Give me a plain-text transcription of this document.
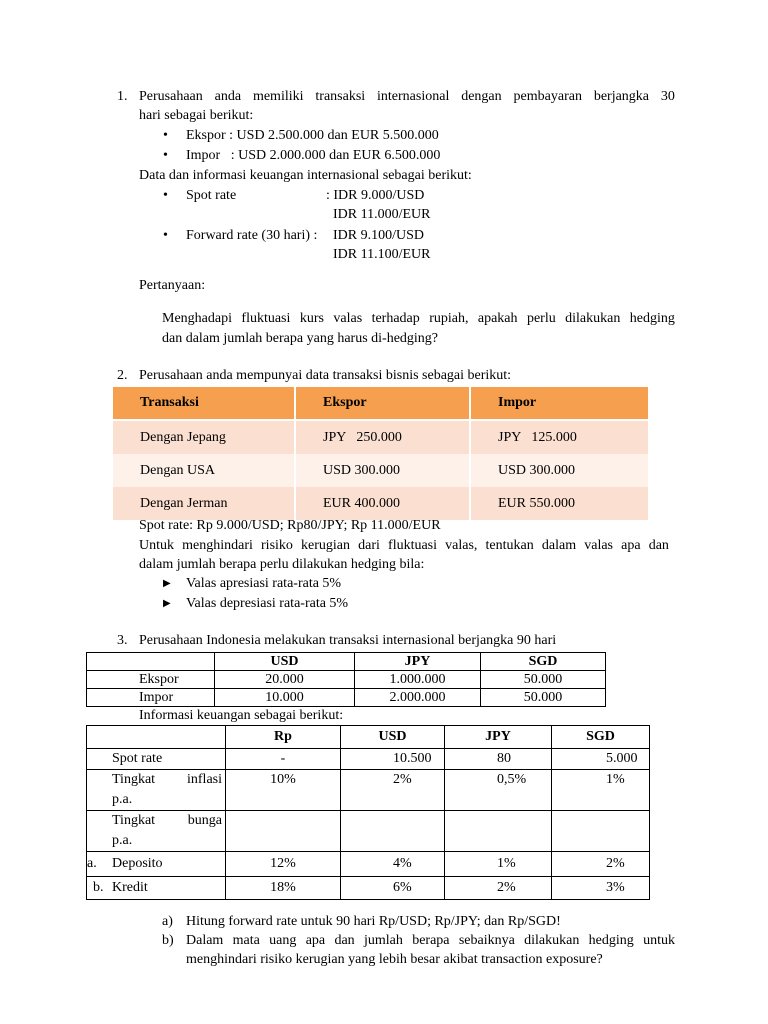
1. Perusahaan anda memiliki transaksi internasional dengan pembayaran berjangka 30
hari sebagai berikut:
•
Ekspor : USD 2.500.000 dan EUR 5.500.000
•
Impor   : USD 2.000.000 dan EUR 6.500.000
Data dan informasi keuangan internasional sebagai berikut:
•
Spot rate	: IDR 9.000/USD
IDR 11.000/EUR
•
Forward rate (30 hari) : IDR 9.100/USD
IDR 11.100/EUR
Pertanyaan:
Menghadapi fluktuasi kurs valas terhadap rupiah, apakah perlu dilakukan hedging
dan dalam jumlah berapa yang harus di-hedging?
2. Perusahaan anda mempunyai data transaksi bisnis sebagai berikut:
Transaksi	Ekspor	Impor
Dengan Jepang	JPY   250.000	JPY   125.000
Dengan USA	USD 300.000	USD 300.000
Dengan Jerman	EUR 400.000	EUR 550.000
Spot rate: Rp 9.000/USD; Rp80/JPY; Rp 11.000/EUR
Untuk menghindari risiko kerugian dari fluktuasi valas, tentukan dalam valas apa dan
dalam jumlah berapa perlu dilakukan hedging bila:
▶ Valas apresiasi rata-rata 5%
▶ Valas depresiasi rata-rata 5%
3. Perusahaan Indonesia melakukan transaksi internasional berjangka 90 hari
	USD	JPY	SGD
Ekspor	20.000	1.000.000	50.000
Impor	10.000	2.000.000	50.000
Informasi keuangan sebagai berikut:
	Rp	USD	JPY	SGD
Spot rate	-	10.500	80	5.000

Tingkat inflasi
p.a.	10%	2%	0,5%	1%

Tingkat bunga
p.a.				

a. Deposito	12%	4%	1%	2%
b. Kredit	18%	6%	2%	3%
a) Hitung forward rate untuk 90 hari Rp/USD; Rp/JPY; dan Rp/SGD!
b) Dalam mata uang apa dan jumlah berapa sebaiknya dilakukan hedging untuk
menghindari risiko kerugian yang lebih besar akibat transaction exposure?
